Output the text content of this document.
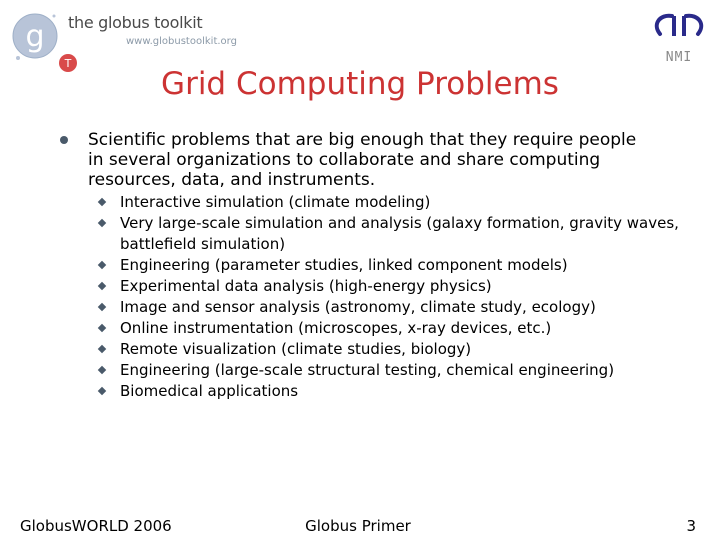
g
T
the globus toolkit
www.globustoolkit.org
NMI
Grid Computing Problems
Scientific problems that are big enough that they require people in several organizations to collaborate and share computing resources, data, and instruments.
Interactive simulation (climate modeling)
Very large-scale simulation and analysis (galaxy formation, gravity waves, battlefield simulation)
Engineering (parameter studies, linked component models)
Experimental data analysis (high-energy physics)
Image and sensor analysis (astronomy, climate study, ecology)
Online instrumentation (microscopes, x-ray devices, etc.)
Remote visualization (climate studies, biology)
Engineering (large-scale structural testing, chemical engineering)
Biomedical applications
GlobusWORLD 2006	Globus Primer	3
